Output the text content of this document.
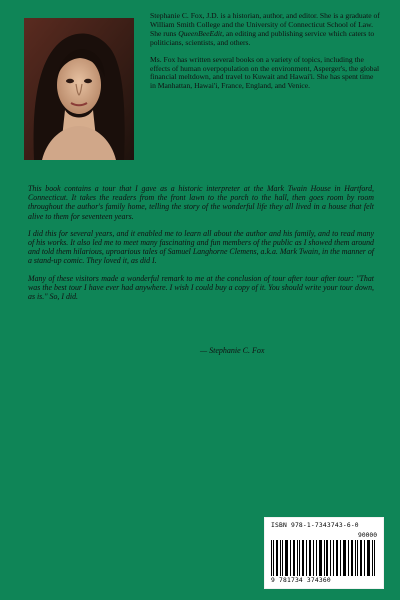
Stephanie C. Fox, J.D. is a historian, author, and editor. She is a graduate of William Smith College and the University of Connecticut School of Law. She runs QueenBeeEdit, an editing and publishing service which caters to politicians, scientists, and others.

Ms. Fox has written several books on a variety of topics, including the effects of human overpopulation on the environment, Asperger's, the global financial meltdown, and travel to Kuwait and Hawai'i. She has spent time in Manhattan, Hawai'i, France, England, and Venice.

This book contains a tour that I gave as a historic interpreter at the Mark Twain House in Hartford, Connecticut. It takes the readers from the front lawn to the porch to the hall, then goes room by room throughout the author's family home, telling the story of the wonderful life they all lived in a house that felt alive to them for seventeen years.

I did this for several years, and it enabled me to learn all about the author and his family, and to read many of his works. It also led me to meet many fascinating and fun members of the public as I showed them around and told them hilarious, uproarious tales of Samuel Langhorne Clemens, a.k.a. Mark Twain, in the manner of a stand-up comic. They loved it, as did I.

Many of these visitors made a wonderful remark to me at the conclusion of tour after tour after tour: "That was the best tour I have ever had anywhere. I wish I could buy a copy of it. You should write your tour down, as is." So, I did.

— Stephanie C. Fox
ISBN 978-1-7343743-6-0
90000
9 781734 374360
